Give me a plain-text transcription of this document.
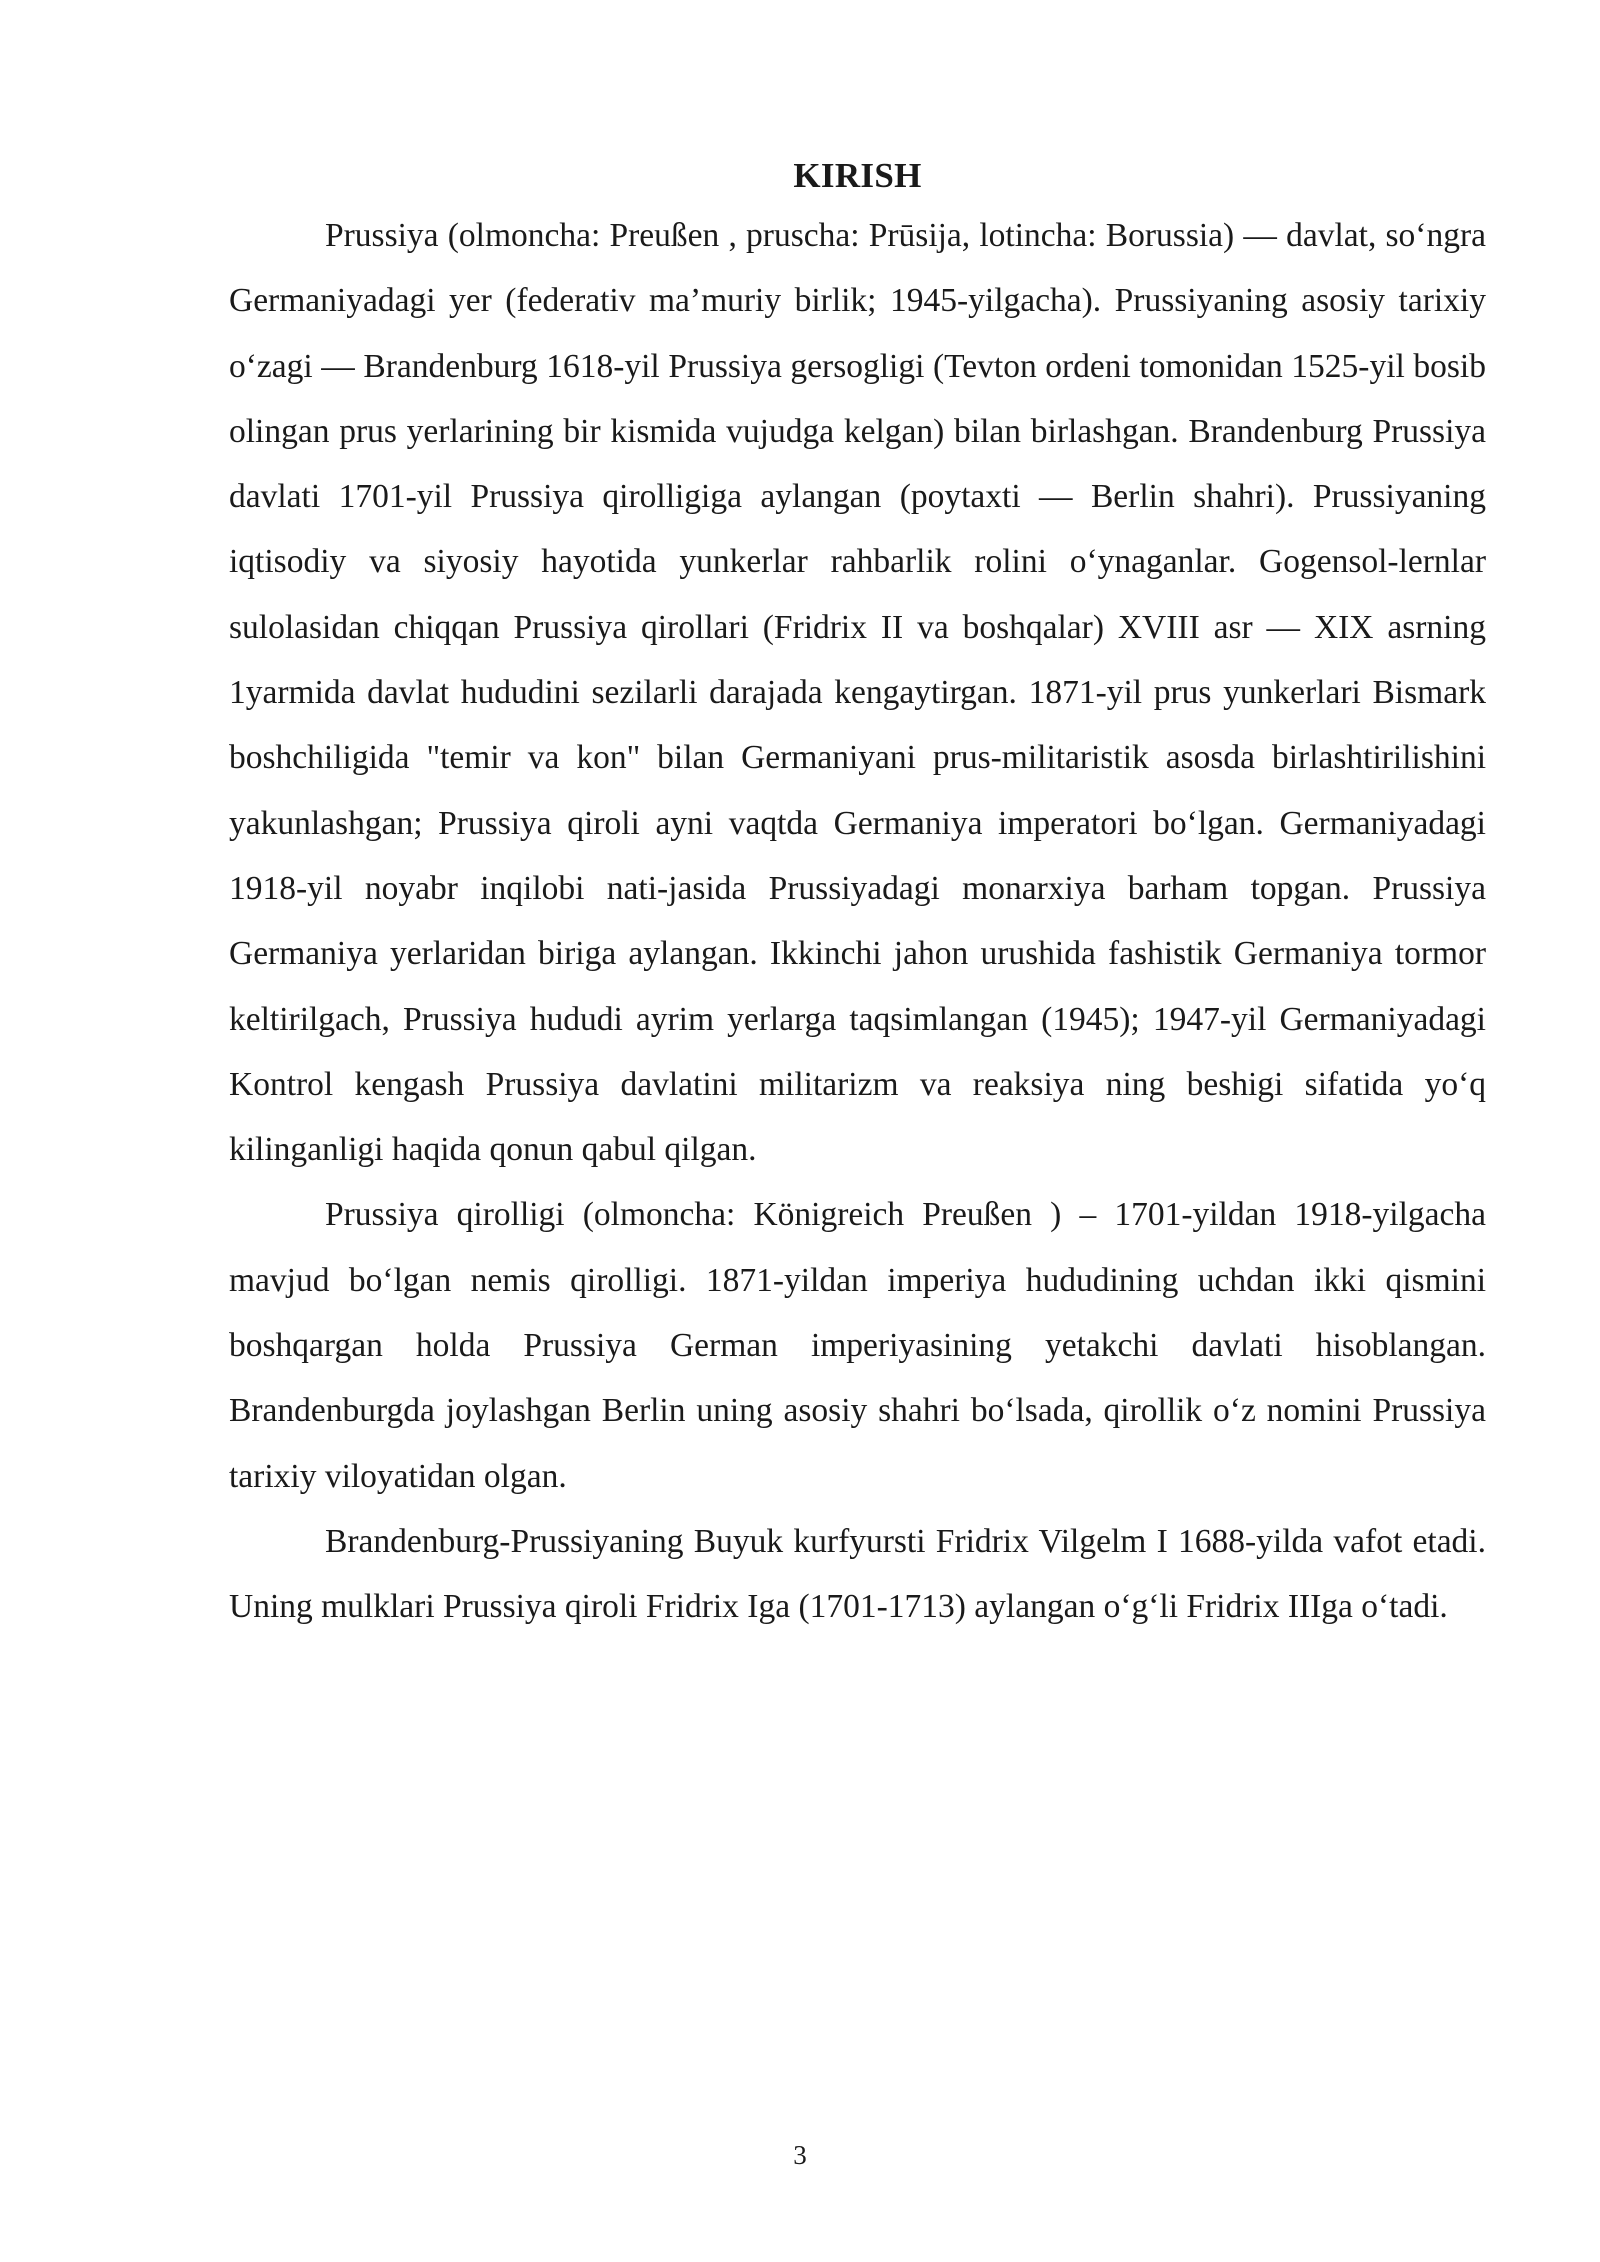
KIRISH

Prussiya (olmoncha: Preußen , pruscha: Prūsija, lotincha: Borussia) — davlat, so‘ngra Germaniyadagi yer (federativ ma’muriy birlik; 1945-yilgacha). Prussiyaning asosiy tarixiy o‘zagi — Brandenburg 1618-yil Prussiya gersogligi (Tevton ordeni tomonidan 1525-yil bosib olingan prus yerlarining bir kismida vujudga kelgan) bilan birlashgan. Brandenburg Prussiya davlati 1701-yil Prussiya qirolligiga aylangan (poytaxti — Berlin shahri). Prussiyaning iqtisodiy va siyosiy hayotida yunkerlar rahbarlik rolini o‘ynaganlar. Gogensol-lernlar sulolasidan chiqqan Prussiya qirollari (Fridrix II va boshqalar) XVIII asr — XIX asrning 1yarmida davlat hududini sezilarli darajada kengaytirgan. 1871-yil prus yunkerlari Bismark boshchiligida "temir va kon" bilan Germaniyani prus-militaristik asosda birlashtirilishini yakunlashgan; Prussiya qiroli ayni vaqtda Germaniya imperatori bo‘lgan. Germaniyadagi 1918-yil noyabr inqilobi nati-jasida Prussiyadagi monarxiya barham topgan. Prussiya Germaniya yerlaridan biriga aylangan. Ikkinchi jahon urushida fashistik Germaniya tormor keltirilgach, Prussiya hududi ayrim yerlarga taqsimlangan (1945); 1947-yil Germaniyadagi Kontrol kengash Prussiya davlatini militarizm va reaksiya ning beshigi sifatida yo‘q kilinganligi haqida qonun qabul qilgan.

Prussiya qirolligi (olmoncha: Königreich Preußen ) – 1701-yildan 1918-yilgacha mavjud bo‘lgan nemis qirolligi. 1871-yildan imperiya hududining uchdan ikki qismini boshqargan holda Prussiya German imperiyasining yetakchi davlati hisoblangan. Brandenburgda joylashgan Berlin uning asosiy shahri bo‘lsada, qirollik o‘z nomini Prussiya tarixiy viloyatidan olgan.

Brandenburg-Prussiyaning Buyuk kurfyursti Fridrix Vilgelm I 1688-yilda vafot etadi. Uning mulklari Prussiya qiroli Fridrix Iga (1701-1713) aylangan o‘g‘li Fridrix IIIga o‘tadi.

3
